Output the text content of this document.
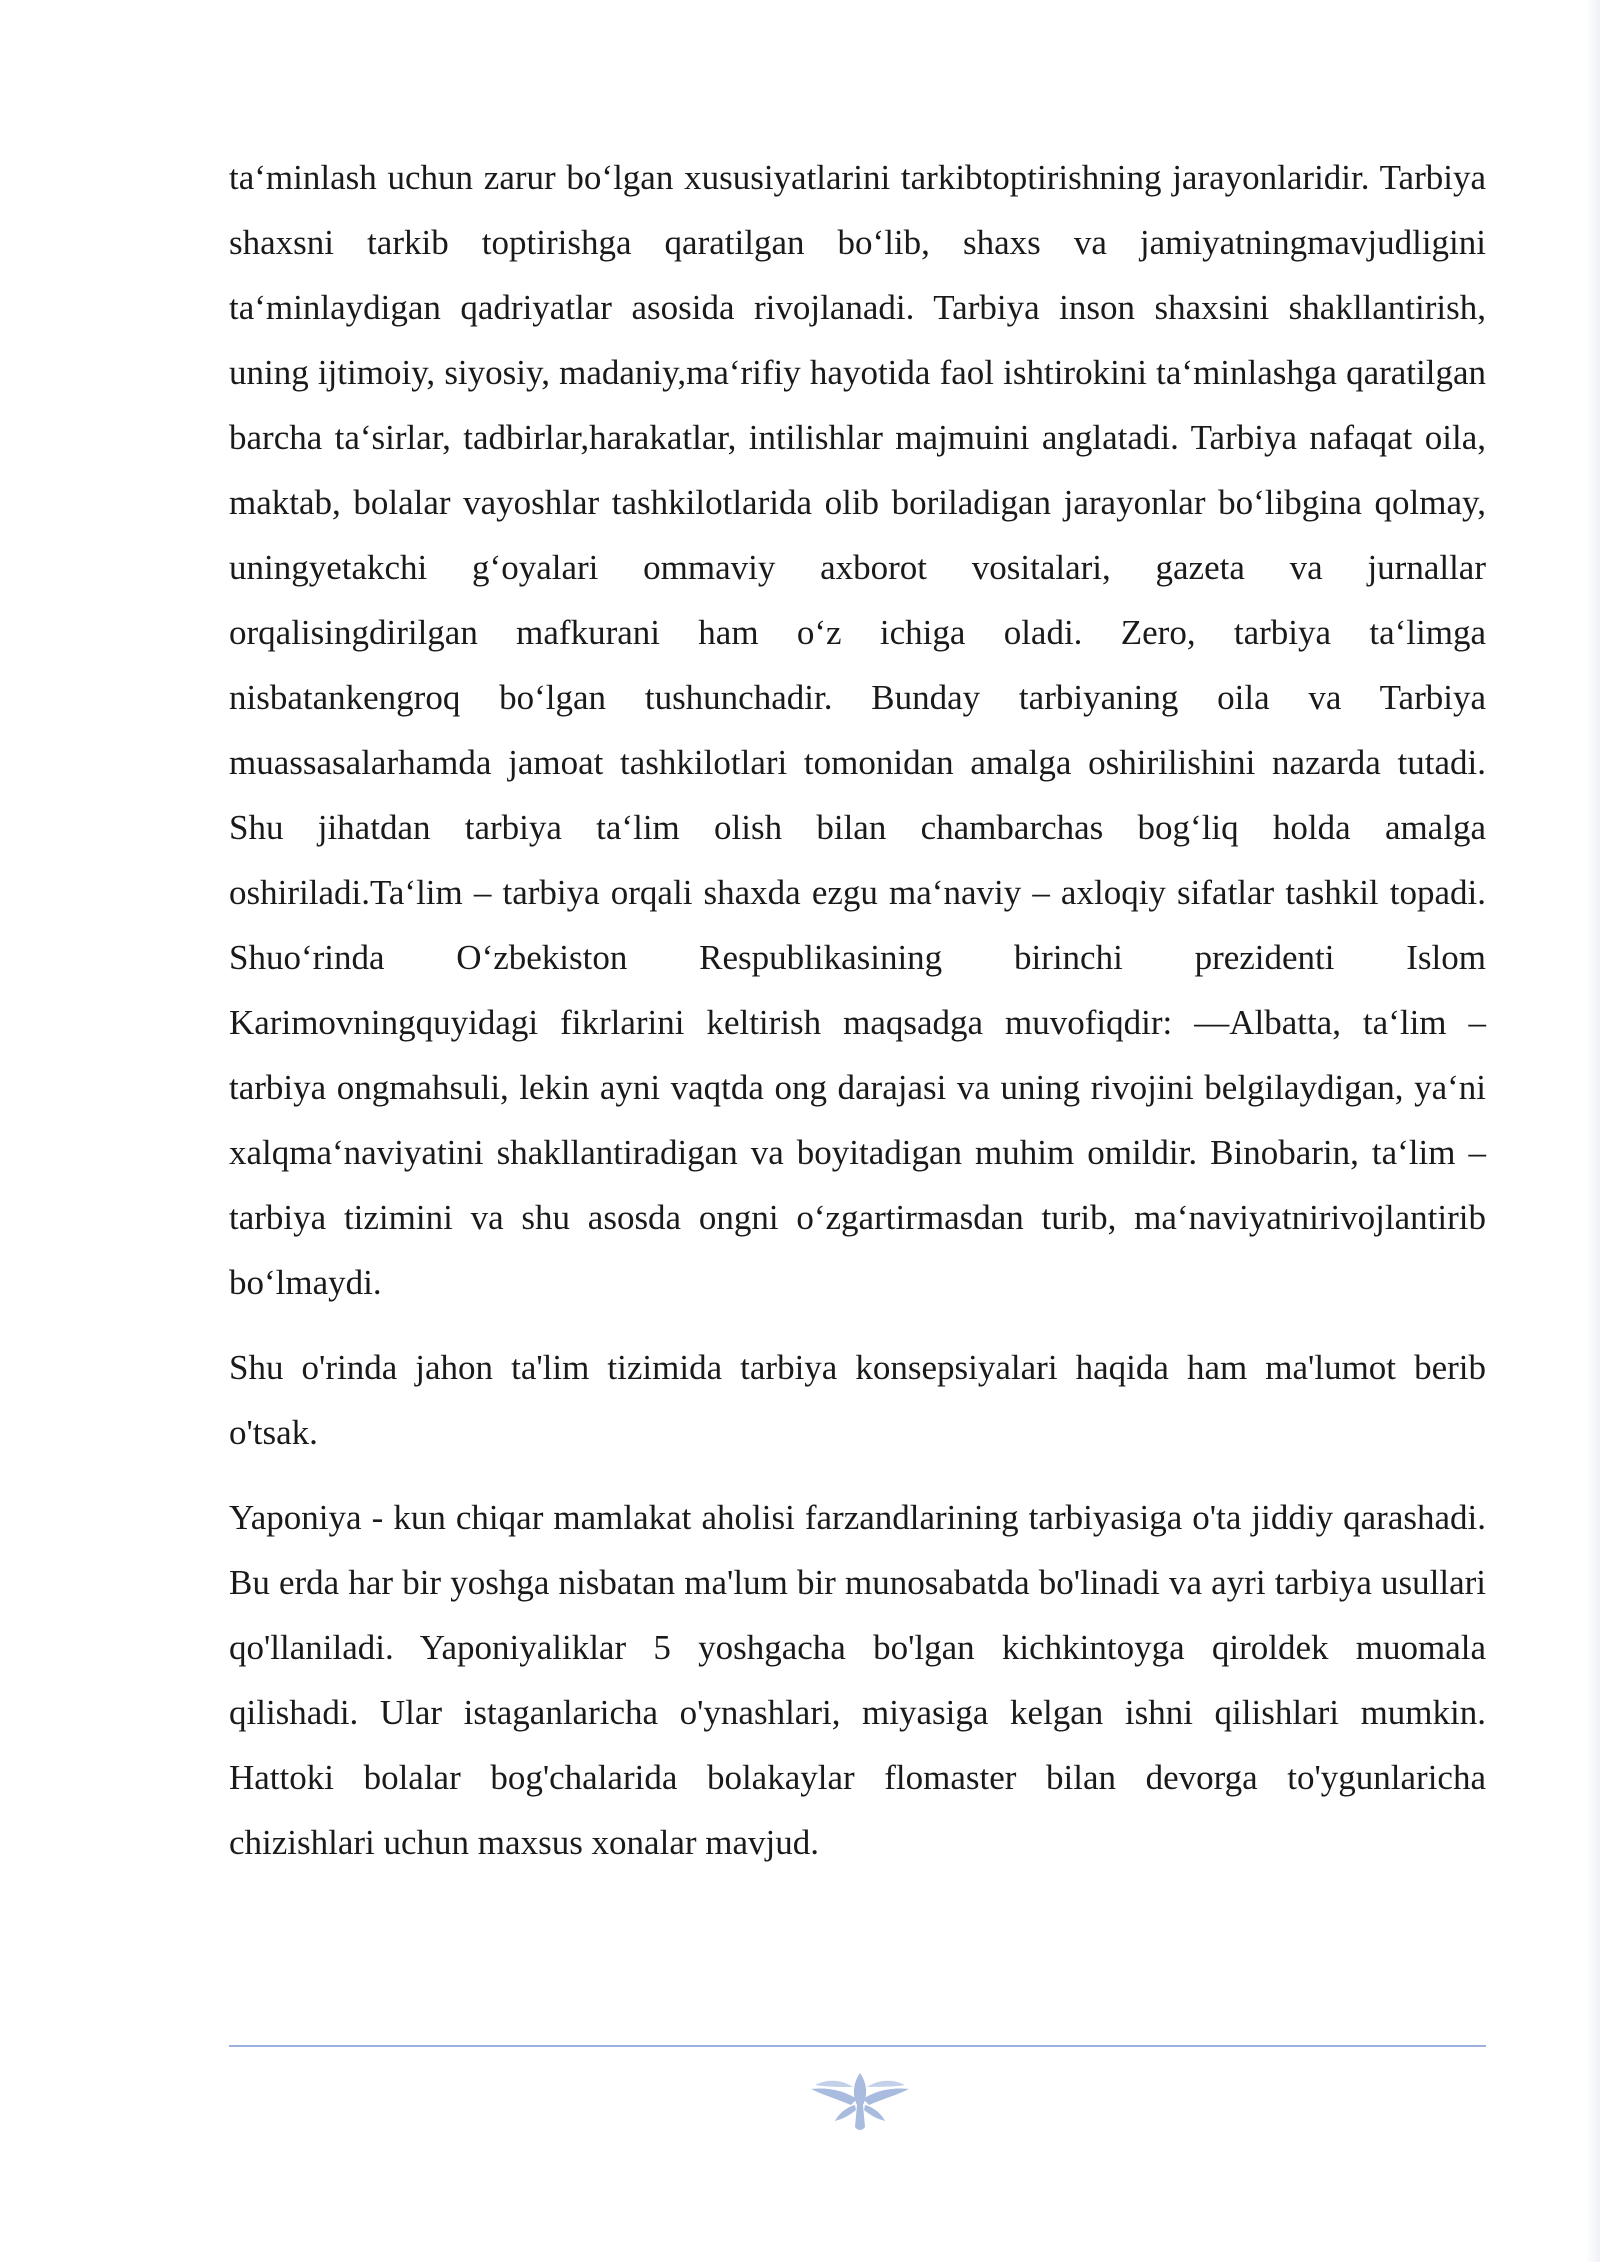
ta‘minlash uchun zarur bo‘lgan xususiyatlarini tarkibtoptirishning jarayonlaridir. Tarbiya shaxsni tarkib toptirishga qaratilgan bo‘lib, shaxs va jamiyatningmavjudligini ta‘minlaydigan qadriyatlar asosida rivojlanadi. Tarbiya inson shaxsini shakllantirish, uning ijtimoiy, siyosiy, madaniy,ma‘rifiy hayotida faol ishtirokini ta‘minlashga qaratilgan barcha ta‘sirlar, tadbirlar,harakatlar, intilishlar majmuini anglatadi. Tarbiya nafaqat oila, maktab, bolalar vayoshlar tashkilotlarida olib boriladigan jarayonlar bo‘libgina qolmay, uningyetakchi g‘oyalari ommaviy axborot vositalari, gazeta va jurnallar orqalisingdirilgan mafkurani ham o‘z ichiga oladi. Zero, tarbiya ta‘limga nisbatankengroq bo‘lgan tushunchadir. Bunday tarbiyaning oila va Tarbiya muassasalarhamda jamoat tashkilotlari tomonidan amalga oshirilishini nazarda tutadi. Shu jihatdan tarbiya ta‘lim olish bilan chambarchas bog‘liq holda amalga oshiriladi.Ta‘lim – tarbiya orqali shaxda ezgu ma‘naviy – axloqiy sifatlar tashkil topadi. Shuo‘rinda O‘zbekiston Respublikasining birinchi prezidenti Islom Karimovningquyidagi fikrlarini keltirish maqsadga muvofiqdir: ―Albatta, ta‘lim – tarbiya ongmahsuli, lekin ayni vaqtda ong darajasi va uning rivojini belgilaydigan, ya‘ni xalqma‘naviyatini shakllantiradigan va boyitadigan muhim omildir. Binobarin, ta‘lim – tarbiya tizimini va shu asosda ongni o‘zgartirmasdan turib, ma‘naviyatnirivojlantirib bo‘lmaydi.

Shu o'rinda jahon ta'lim tizimida tarbiya konsepsiyalari haqida ham ma'lumot berib o'tsak.

Yaponiya - kun chiqar mamlakat aholisi farzandlarining tarbiyasiga o'ta jiddiy qarashadi. Bu erda har bir yoshga nisbatan ma'lum bir munosabatda bo'linadi va ayri tarbiya usullari qo'llaniladi. Yaponiyaliklar 5 yoshgacha bo'lgan kichkintoyga qiroldek muomala qilishadi. Ular istaganlaricha o'ynashlari, miyasiga kelgan ishni qilishlari mumkin. Hattoki bolalar bog'chalarida bolakaylar flomaster bilan devorga to'ygunlaricha chizishlari uchun maxsus xonalar mavjud.
